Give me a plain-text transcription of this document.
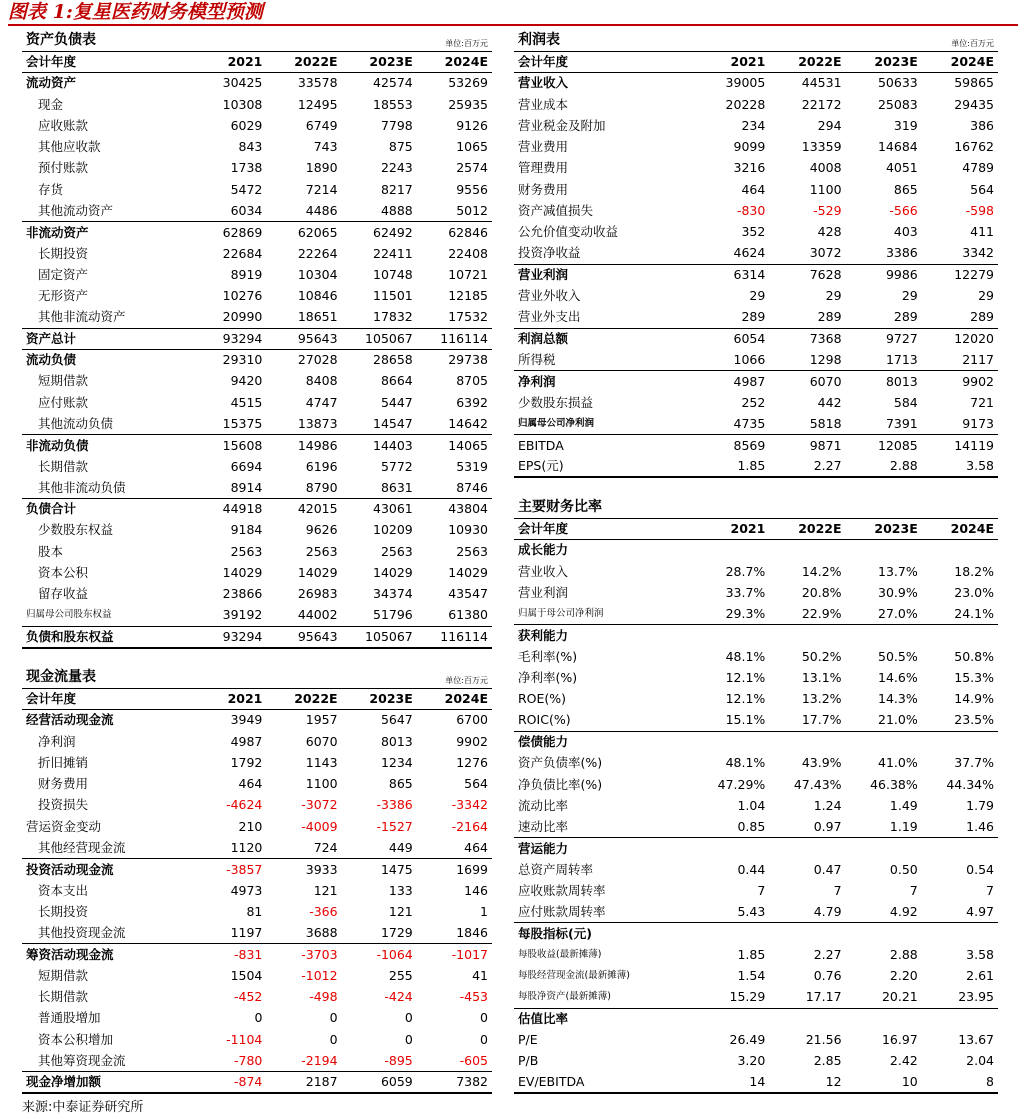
图表 1:复星医药财务模型预测
资产负债表		单位:百万元		
会计年度	2021	2022E	2023E	2024E
流动资产	30425	33578	42574	53269
现金	10308	12495	18553	25935
应收账款	6029	6749	7798	9126
其他应收款	843	743	875	1065
预付账款	1738	1890	2243	2574
存货	5472	7214	8217	9556
其他流动资产	6034	4486	4888	5012
非流动资产	62869	62065	62492	62846
长期投资	22684	22264	22411	22408
固定资产	8919	10304	10748	10721
无形资产	10276	10846	11501	12185
其他非流动资产	20990	18651	17832	17532
资产总计	93294	95643	105067	116114
流动负债	29310	27028	28658	29738
短期借款	9420	8408	8664	8705
应付账款	4515	4747	5447	6392
其他流动负债	15375	13873	14547	14642
非流动负债	15608	14986	14403	14065
长期借款	6694	6196	5772	5319
其他非流动负债	8914	8790	8631	8746
负债合计	44918	42015	43061	43804
少数股东权益	9184	9626	10209	10930
股本	2563	2563	2563	2563
资本公积	14029	14029	14029	14029
留存收益	23866	26983	34374	43547
归属母公司股东权益	39192	44002	51796	61380
负债和股东权益	93294	95643	105067	116114
现金流量表		单位:百万元		
会计年度	2021	2022E	2023E	2024E
经营活动现金流	3949	1957	5647	6700
净利润	4987	6070	8013	9902
折旧摊销	1792	1143	1234	1276
财务费用	464	1100	865	564
投资损失	-4624	-3072	-3386	-3342
营运资金变动	210	-4009	-1527	-2164
其他经营现金流	1120	724	449	464
投资活动现金流	-3857	3933	1475	1699
资本支出	4973	121	133	146
长期投资	81	-366	121	1
其他投资现金流	1197	3688	1729	1846
筹资活动现金流	-831	-3703	-1064	-1017
短期借款	1504	-1012	255	41
长期借款	-452	-498	-424	-453
普通股增加	0	0	0	0
资本公积增加	-1104	0	0	0
其他筹资现金流	-780	-2194	-895	-605
现金净增加额	-874	2187	6059	7382
利润表		单位:百万元		
会计年度	2021	2022E	2023E	2024E
营业收入	39005	44531	50633	59865
营业成本	20228	22172	25083	29435
营业税金及附加	234	294	319	386
营业费用	9099	13359	14684	16762
管理费用	3216	4008	4051	4789
财务费用	464	1100	865	564
资产减值损失	-830	-529	-566	-598
公允价值变动收益	352	428	403	411
投资净收益	4624	3072	3386	3342
营业利润	6314	7628	9986	12279
营业外收入	29	29	29	29
营业外支出	289	289	289	289
利润总额	6054	7368	9727	12020
所得税	1066	1298	1713	2117
净利润	4987	6070	8013	9902
少数股东损益	252	442	584	721
归属母公司净利润	4735	5818	7391	9173
EBITDA	8569	9871	12085	14119
EPS(元)	1.85	2.27	2.88	3.58
主要财务比率				
会计年度	2021	2022E	2023E	2024E
成长能力				
营业收入	28.7%	14.2%	13.7%	18.2%
营业利润	33.7%	20.8%	30.9%	23.0%
归属于母公司净利润	29.3%	22.9%	27.0%	24.1%
获利能力				
毛利率(%)	48.1%	50.2%	50.5%	50.8%
净利率(%)	12.1%	13.1%	14.6%	15.3%
ROE(%)	12.1%	13.2%	14.3%	14.9%
ROIC(%)	15.1%	17.7%	21.0%	23.5%
偿债能力				
资产负债率(%)	48.1%	43.9%	41.0%	37.7%
净负债比率(%)	47.29%	47.43%	46.38%	44.34%
流动比率	1.04	1.24	1.49	1.79
速动比率	0.85	0.97	1.19	1.46
营运能力				
总资产周转率	0.44	0.47	0.50	0.54
应收账款周转率	7	7	7	7
应付账款周转率	5.43	4.79	4.92	4.97
每股指标(元)				
每股收益(最新摊薄)	1.85	2.27	2.88	3.58
每股经营现金流(最新摊薄)	1.54	0.76	2.20	2.61
每股净资产(最新摊薄)	15.29	17.17	20.21	23.95
估值比率				
P/E	26.49	21.56	16.97	13.67
P/B	3.20	2.85	2.42	2.04
EV/EBITDA	14	12	10	8
来源:中泰证券研究所
